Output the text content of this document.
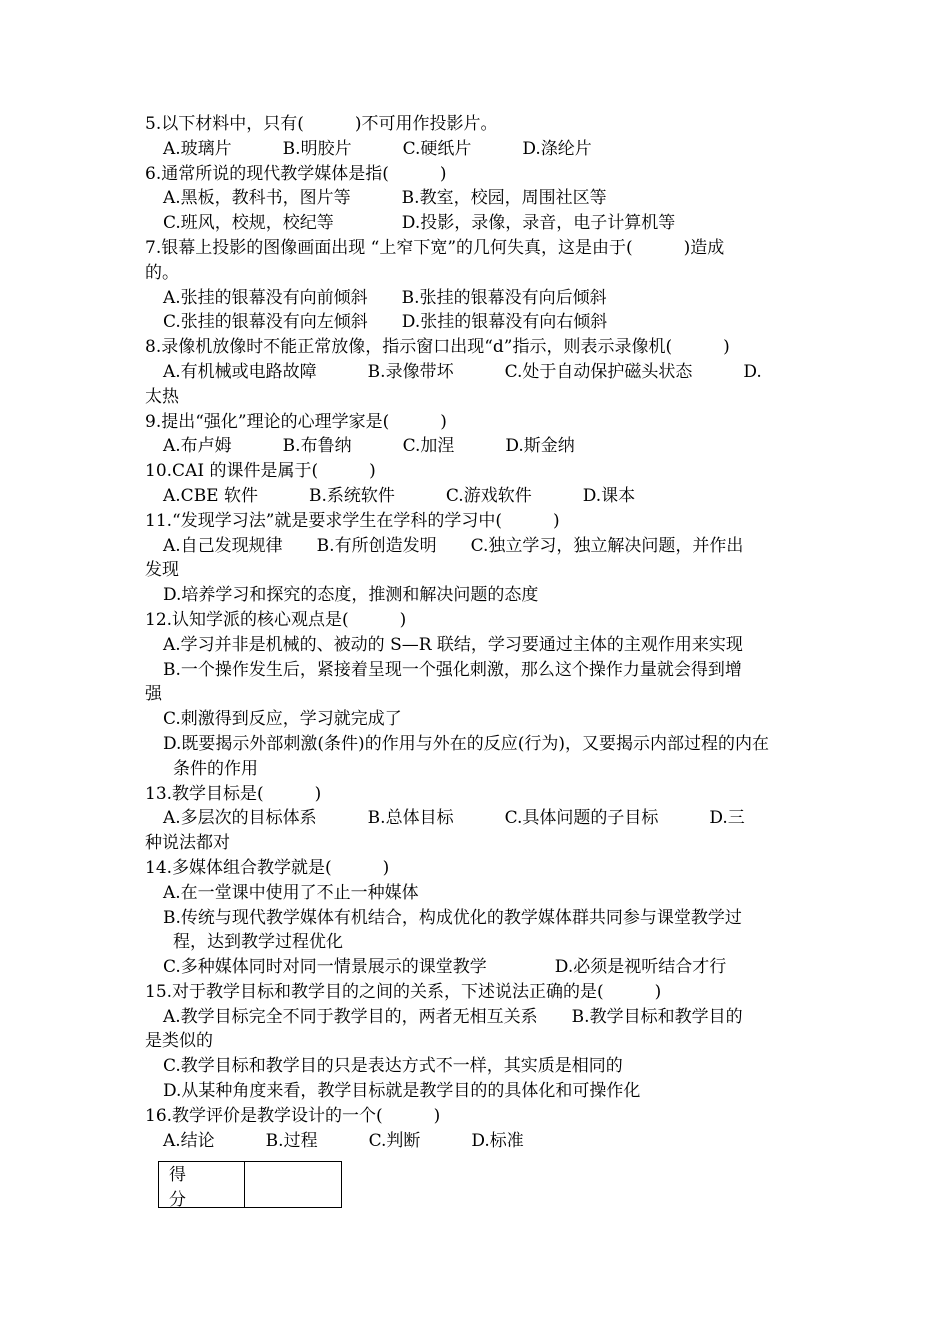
5.以下材料中，只有(　　　)不可用作投影片。
A.玻璃片　　　B.明胶片　　　C.硬纸片　　　D.涤纶片
6.通常所说的现代教学媒体是指(　　　)
A.黑板，教科书，图片等　　　B.教室，校园，周围社区等
C.班风，校规，校纪等　　　　D.投影，录像，录音，电子计算机等
7.银幕上投影的图像画面出现 “上窄下宽”的几何失真，这是由于(　　　)造成
的。
A.张挂的银幕没有向前倾斜　　B.张挂的银幕没有向后倾斜
C.张挂的银幕没有向左倾斜　　D.张挂的银幕没有向右倾斜
8.录像机放像时不能正常放像，指示窗口出现“d”指示，则表示录像机(　　　)
A.有机械或电路故障　　　B.录像带坏　　　C.处于自动保护磁头状态　　　D.
太热
9.提出“强化”理论的心理学家是(　　　)
A.布卢姆　　　B.布鲁纳　　　C.加涅　　　D.斯金纳
10.CAI 的课件是属于(　　　)
A.CBE 软件　　　B.系统软件　　　C.游戏软件　　　D.课本
11.“发现学习法”就是要求学生在学科的学习中(　　　)
A.自己发现规律　　B.有所创造发明　　C.独立学习，独立解决问题，并作出
发现
D.培养学习和探究的态度，推测和解决问题的态度
12.认知学派的核心观点是(　　　)
A.学习并非是机械的、被动的 S—R 联结，学习要通过主体的主观作用来实现
B.一个操作发生后，紧接着呈现一个强化刺激，那么这个操作力量就会得到增
强
C.刺激得到反应，学习就完成了
D.既要揭示外部刺激(条件)的作用与外在的反应(行为)，又要揭示内部过程的内在
条件的作用
13.教学目标是(　　　)
A.多层次的目标体系　　　B.总体目标　　　C.具体问题的子目标　　　D.三
种说法都对
14.多媒体组合教学就是(　　　)
A.在一堂课中使用了不止一种媒体
B.传统与现代教学媒体有机结合，构成优化的教学媒体群共同参与课堂教学过
程，达到教学过程优化
C.多种媒体同时对同一情景展示的课堂教学　　　　D.必须是视听结合才行
15.对于教学目标和教学目的之间的关系，下述说法正确的是(　　　)
A.教学目标完全不同于教学目的，两者无相互关系　　B.教学目标和教学目的
是类似的
C.教学目标和教学目的只是表达方式不一样，其实质是相同的
D.从某种角度来看，教学目标就是教学目的的具体化和可操作化
16.教学评价是教学设计的一个(　　　)
A.结论　　　B.过程　　　C.判断　　　D.标准
得 分
